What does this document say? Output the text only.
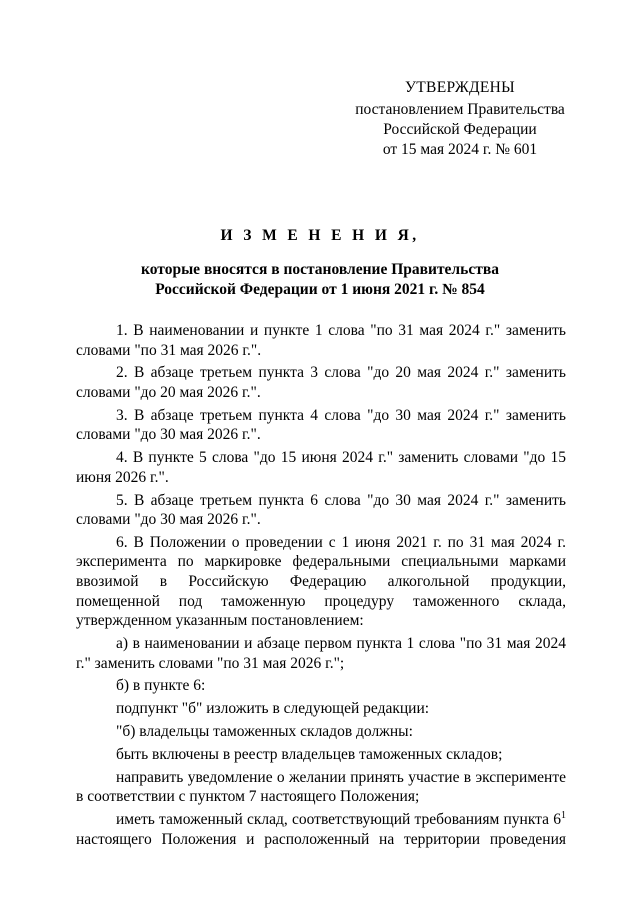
УТВЕРЖДЕНЫ
постановлением Правительства
Российской Федерации
от 15 мая 2024 г. № 601
И З М Е Н Е Н И Я,
которые вносятся в постановление Правительства
Российской Федерации от 1 июня 2021 г. № 854

1. В наименовании и пункте 1 слова "по 31 мая 2024 г." заменить словами "по 31 мая 2026 г.".

2. В абзаце третьем пункта 3 слова "до 20 мая 2024 г." заменить словами "до 20 мая 2026 г.".

3. В абзаце третьем пункта 4 слова "до 30 мая 2024 г." заменить словами "до 30 мая 2026 г.".

4. В пункте 5 слова "до 15 июня 2024 г." заменить словами "до 15 июня 2026 г.".

5. В абзаце третьем пункта 6 слова "до 30 мая 2024 г." заменить словами "до 30 мая 2026 г.".

6. В Положении о проведении с 1 июня 2021 г. по 31 мая 2024 г. эксперимента по маркировке федеральными специальными марками ввозимой в Российскую Федерацию алкогольной продукции, помещенной под таможенную процедуру таможенного склада, утвержденном указанным постановлением:

а) в наименовании и абзаце первом пункта 1 слова "по 31 мая 2024 г." заменить словами "по 31 мая 2026 г.";

б) в пункте 6:

подпункт "б" изложить в следующей редакции:

"б) владельцы таможенных складов должны:

быть включены в реестр владельцев таможенных складов;

направить уведомление о желании принять участие в эксперименте в соответствии с пунктом 7 настоящего Положения;

иметь таможенный склад, соответствующий требованиям пункта $6^1$

настоящего Положения и расположенный на территории проведения
